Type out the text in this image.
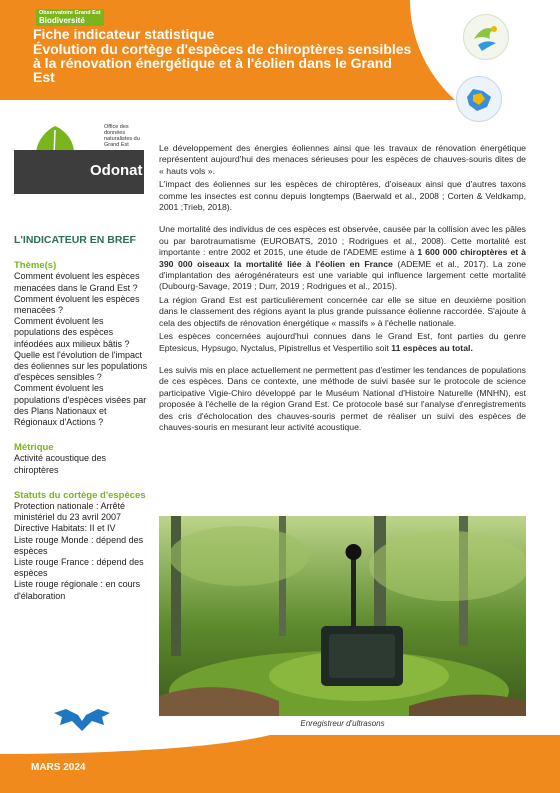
Observatoire Grand Est
Biodiversité
Fiche indicateur statistique
Évolution du cortège d'espèces de chiroptères sensibles à la rénovation énergétique et à l'éolien dans le Grand Est
Office des données naturalistes du Grand Est
Odonat
L'INDICATEUR EN BREF
Thème(s)

Comment évoluent les espèces menacées dans le Grand Est ?

Comment évoluent les espèces menacées ?

Comment évoluent les populations des espèces inféodées aux milieux bâtis ?

Quelle est l'évolution de l'impact des éoliennes sur les populations d'espèces sensibles ?

Comment évoluent les populations d'espèces visées par des Plans Nationaux et Régionaux d'Actions ?

Métrique

Activité acoustique des chiroptères

Statuts du cortège d'espèces

Protection nationale : Arrêté ministériel du 23 avril 2007

Directive Habitats: II et IV

Liste rouge Monde : dépend des espèces

Liste rouge France : dépend des espèces

Liste rouge régionale : en cours d'élaboration

Le développement des énergies éoliennes ainsi que les travaux de rénovation énergétique représentent aujourd'hui des menaces sérieuses pour les espèces de chauves-souris dites de « hauts vols ».

L'impact des éoliennes sur les espèces de chiroptères, d'oiseaux ainsi que d'autres taxons comme les insectes est connu depuis longtemps (Baerwald et al., 2008 ; Corten & Veldkamp, 2001 ;Trieb, 2018).

Une mortalité des individus de ces espèces est observée, causée par la collision avec les pâles ou par barotraumatisme (EUROBATS, 2010 ; Rodrigues et al., 2008). Cette mortalité est importante : entre 2002 et 2015, une étude de l'ADEME estime à 1 600 000 chiroptères et à 390 000 oiseaux la mortalité liée à l'éolien en France (ADEME et al., 2017). La zone d'implantation des aérogénérateurs est une variable qui influence largement cette mortalité (Dubourg-Savage, 2019 ; Durr, 2019 ; Rodrigues et al., 2015).

La région Grand Est est particulièrement concernée car elle se situe en deuxième position dans le classement des régions ayant la plus grande puissance éolienne raccordée. S'ajoute à cela des objectifs de rénovation énergétique « massifs » à l'échelle nationale.

Les espèces concernées aujourd'hui connues dans le Grand Est, font parties du genre Eptesicus, Hypsugo, Nyctalus, Pipistrellus et Vespertilio soit 11 espèces au total.

Les suivis mis en place actuellement ne permettent pas d'estimer les tendances de populations de ces espèces. Dans ce contexte, une méthode de suivi basée sur le protocole de science participative Vigie-Chiro développé par le Muséum National d'Histoire Naturelle (MNHN), est proposée à l'échelle de la région Grand Est. Ce protocole basé sur l'analyse d'enregistrements des cris d'écholocation des chauves-souris permet de réaliser un suivi des espèces de chauves-souris en mesurant leur activité acoustique.

Enregistreur d'ultrasons
MARS 2024
